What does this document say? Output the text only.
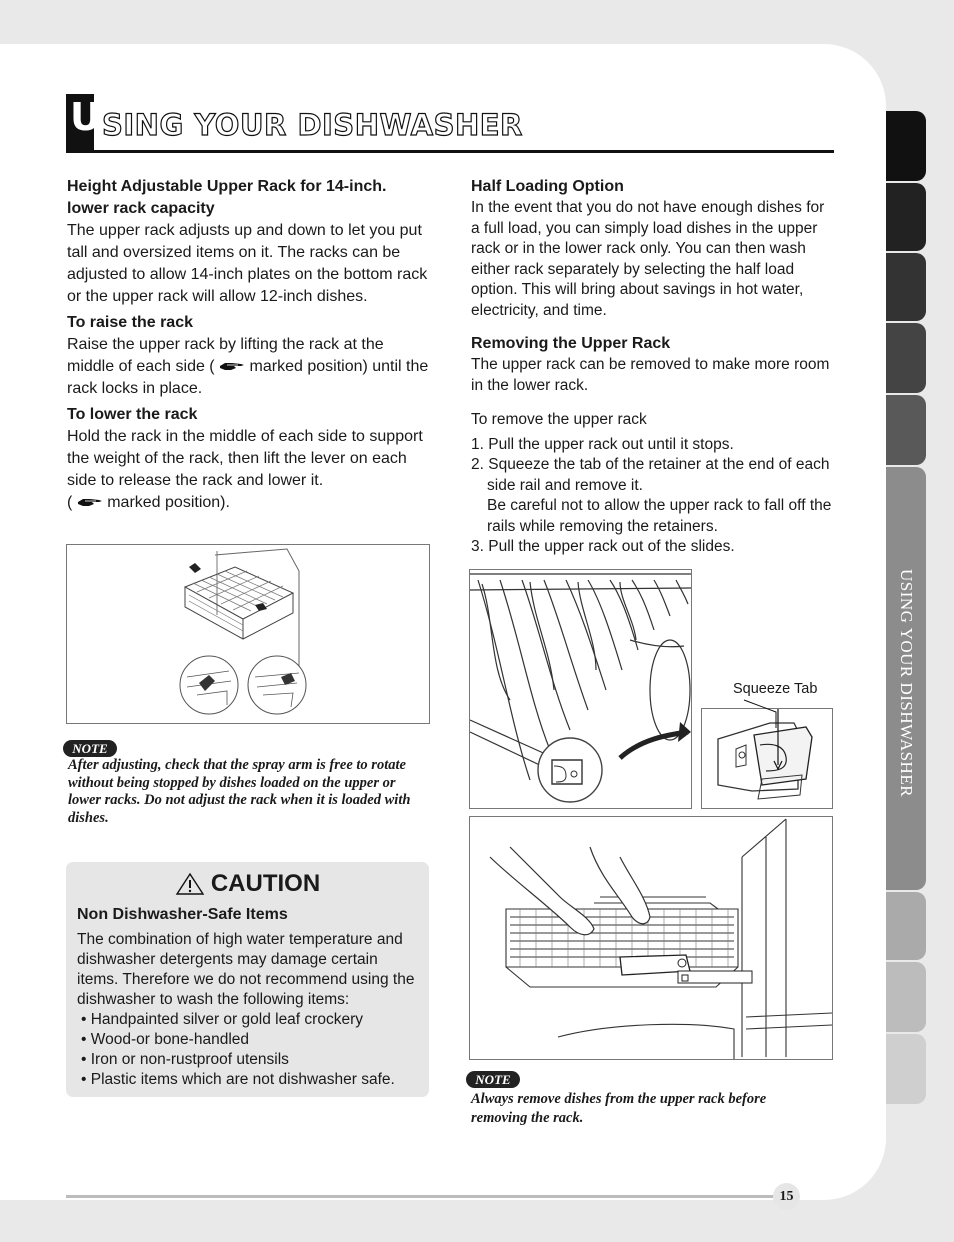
USING YOUR DISHWASHER
U SING YOUR DISHWASHER
Height Adjustable Upper Rack for 14-inch. lower rack capacity

The upper rack adjusts up and down to let you put tall and oversized items on it. The racks can be adjusted to allow 14-inch plates on the bottom rack or the upper rack will allow 12-inch dishes.

To raise the rack

Raise the upper rack by lifting the rack at the middle of each side (  marked position) until the rack locks in place.

To lower the rack

Hold the rack in the middle of each side to support the weight of the rack, then lift the lever on each side to release the rack and lower it.
(  marked position).

NOTE
After adjusting, check that the spray arm is free to rotate without being stopped by dishes loaded on the upper or lower racks. Do not adjust the rack when it is loaded with dishes.
CAUTION
Non Dishwasher-Safe Items

The combination of high water temperature and dishwasher detergents may damage certain items. Therefore we do not recommend using the dishwasher to wash the following items:

• Handpainted silver or gold leaf crockery
• Wood-or bone-handled
• Iron or non-rustproof utensils
• Plastic items which are not dishwasher safe.
Half Loading Option

In the event that you do not have enough dishes for a full load, you can simply load dishes in the upper rack or in the lower rack only. You can then wash either rack separately by selecting the half load option. This will bring about savings in hot water, electricity, and time.

Removing the Upper Rack

The upper rack can be removed to make more room in the lower rack.

To remove the upper rack

1. Pull the upper rack out until it stops.

2. Squeeze the tab of the retainer at the end of each side rail and remove it.

Be careful not to allow the upper rack to fall off the rails while removing the retainers.

3. Pull the upper rack out of the slides.

Squeeze Tab
NOTE
Always remove dishes from the upper rack before removing the rack.
15
